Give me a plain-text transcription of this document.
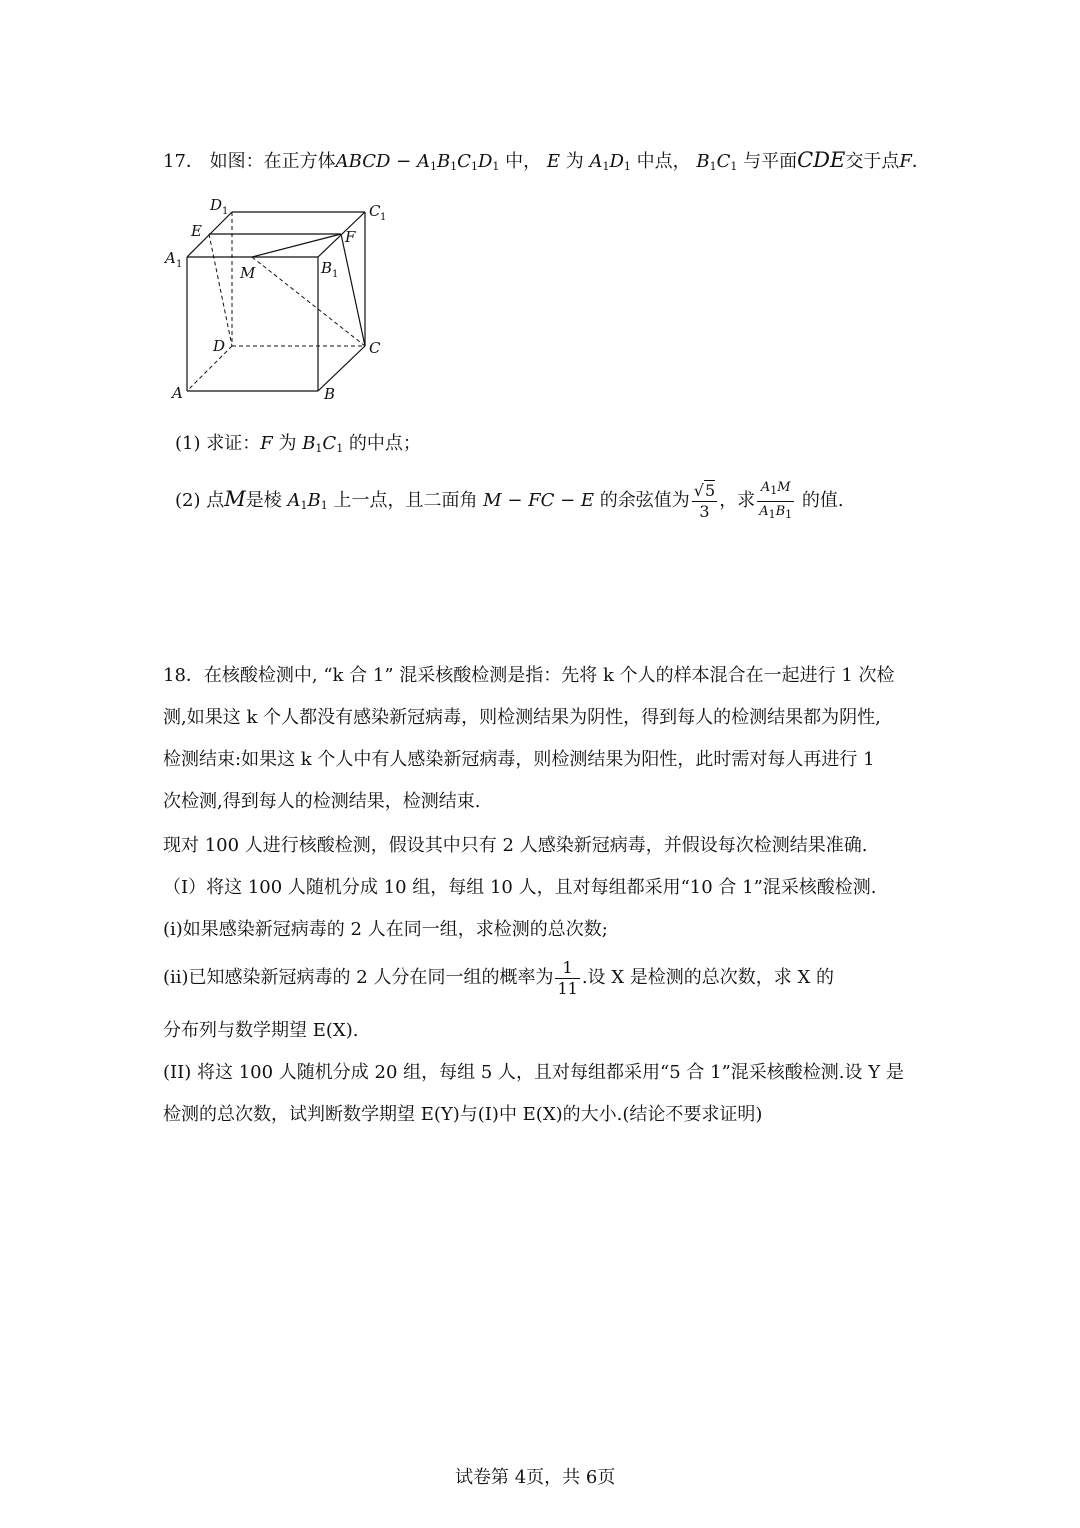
17． 如图：在正方体ABCD − $A_1B_1C_1D_1$ 中， E 为 $A_1D_1$ 中点， $B_1C_1$ 与平面CDE交于点F．
D 1	C 1
E	F
A 1	M	B 1
D	C
A	B
(1) 求证：F 为 $B_1C_1$ 的中点；
(2) 点M是棱 $A_1B_1$ 上一点，且二面角 M − FC − E 的余弦值为 $\frac{√5}{3}$ ，求 $\frac{A_1M}{A_1B_1}$ 的值.
18．在核酸检测中, “k 合 1” 混采核酸检测是指：先将 k 个人的样本混合在一起进行 1 次检
测,如果这 k 个人都没有感染新冠病毒，则检测结果为阴性，得到每人的检测结果都为阴性,
检测结束:如果这 k 个人中有人感染新冠病毒，则检测结果为阳性，此时需对每人再进行 1
次检测,得到每人的检测结果，检测结束.
现对 100 人进行核酸检测，假设其中只有 2 人感染新冠病毒，并假设每次检测结果准确.
（I）将这 100 人随机分成 10 组，每组 10 人，且对每组都采用“10 合 1”混采核酸检测.
(i)如果感染新冠病毒的 2 人在同一组，求检测的总次数;
(ii)已知感染新冠病毒的 2 人分在同一组的概率为 $\frac{1}{11}$ .设 X 是检测的总次数，求 X 的
分布列与数学期望 E(X).
(II) 将这 100 人随机分成 20 组，每组 5 人，且对每组都采用“5 合 1”混采核酸检测.设 Y 是
检测的总次数，试判断数学期望 E(Y)与(I)中 E(X)的大小.(结论不要求证明)
试卷第 4页，共 6页
